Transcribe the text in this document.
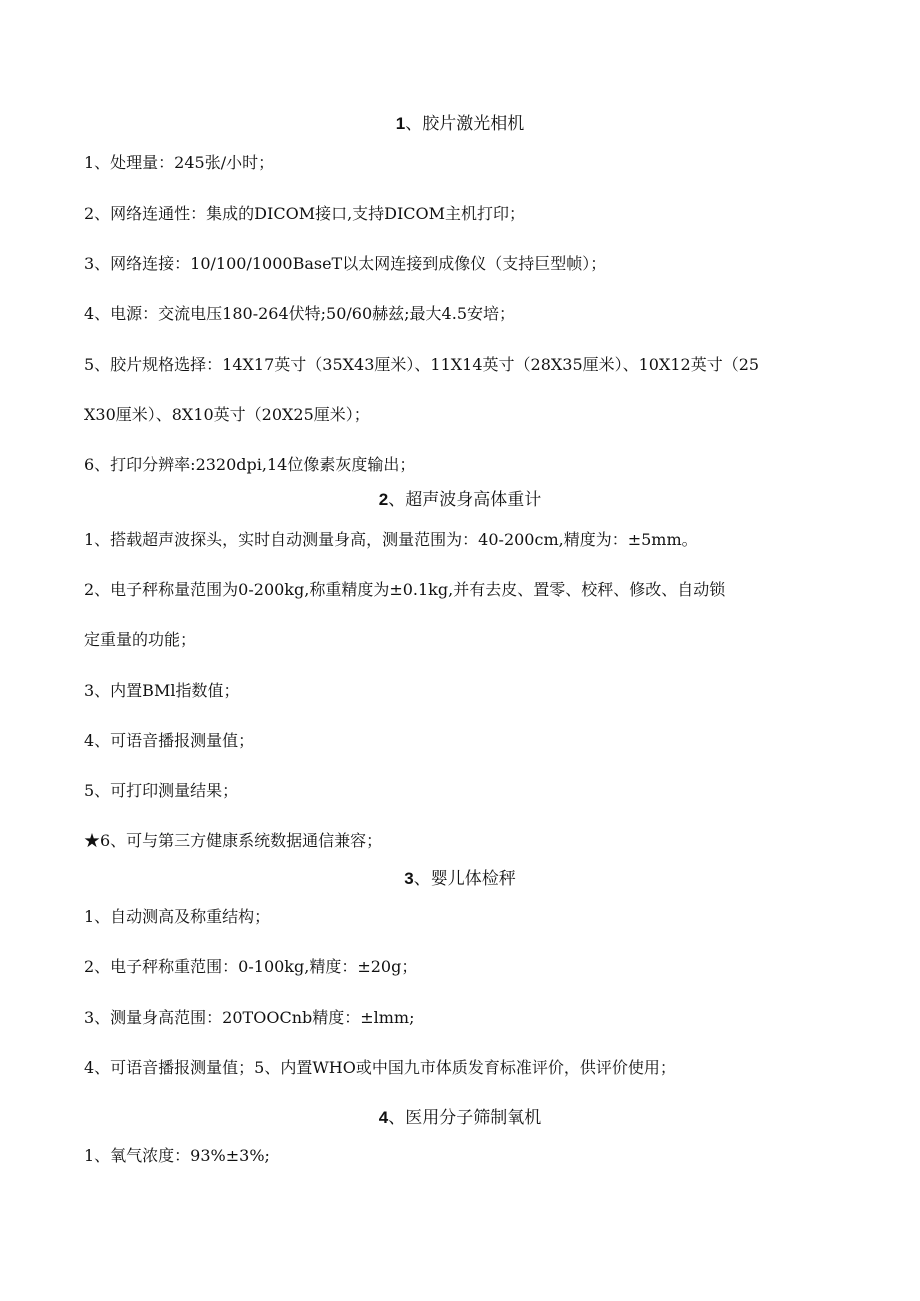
1、胶片激光相机
1、处理量：245张/小时；
2、网络连通性：集成的DICOM接口,支持DICOM主机打印；
3、网络连接：10/100/1000BaseT以太网连接到成像仪（支持巨型帧）；
4、电源：交流电压180-264伏特;50/60赫兹;最大4.5安培；
5、胶片规格选择：14X17英寸（35X43厘米）、11X14英寸（28X35厘米）、10X12英寸（25
X30厘米）、8X10英寸（20X25厘米）；
6、打印分辨率:2320dpi,14位像素灰度输出；
2、超声波身高体重计
1、搭载超声波探头，实时自动测量身高，测量范围为：40-200cm,精度为：±5mm。
2、电子秤称量范围为0-200kg,称重精度为±0.1kg,并有去皮、置零、校秤、修改、自动锁
定重量的功能；
3、内置BMl指数值；
4、可语音播报测量值；
5、可打印测量结果；
★6、可与第三方健康系统数据通信兼容；
3、婴儿体检秤
1、自动测高及称重结构；
2、电子秤称重范围：0-100kg,精度：±20g；
3、测量身高范围：20TOOCnb精度：±lmm;
4、可语音播报测量值；5、内置WHO或中国九市体质发育标准评价，供评价使用；
4、医用分子筛制氧机
1、氧气浓度：93%±3%;
